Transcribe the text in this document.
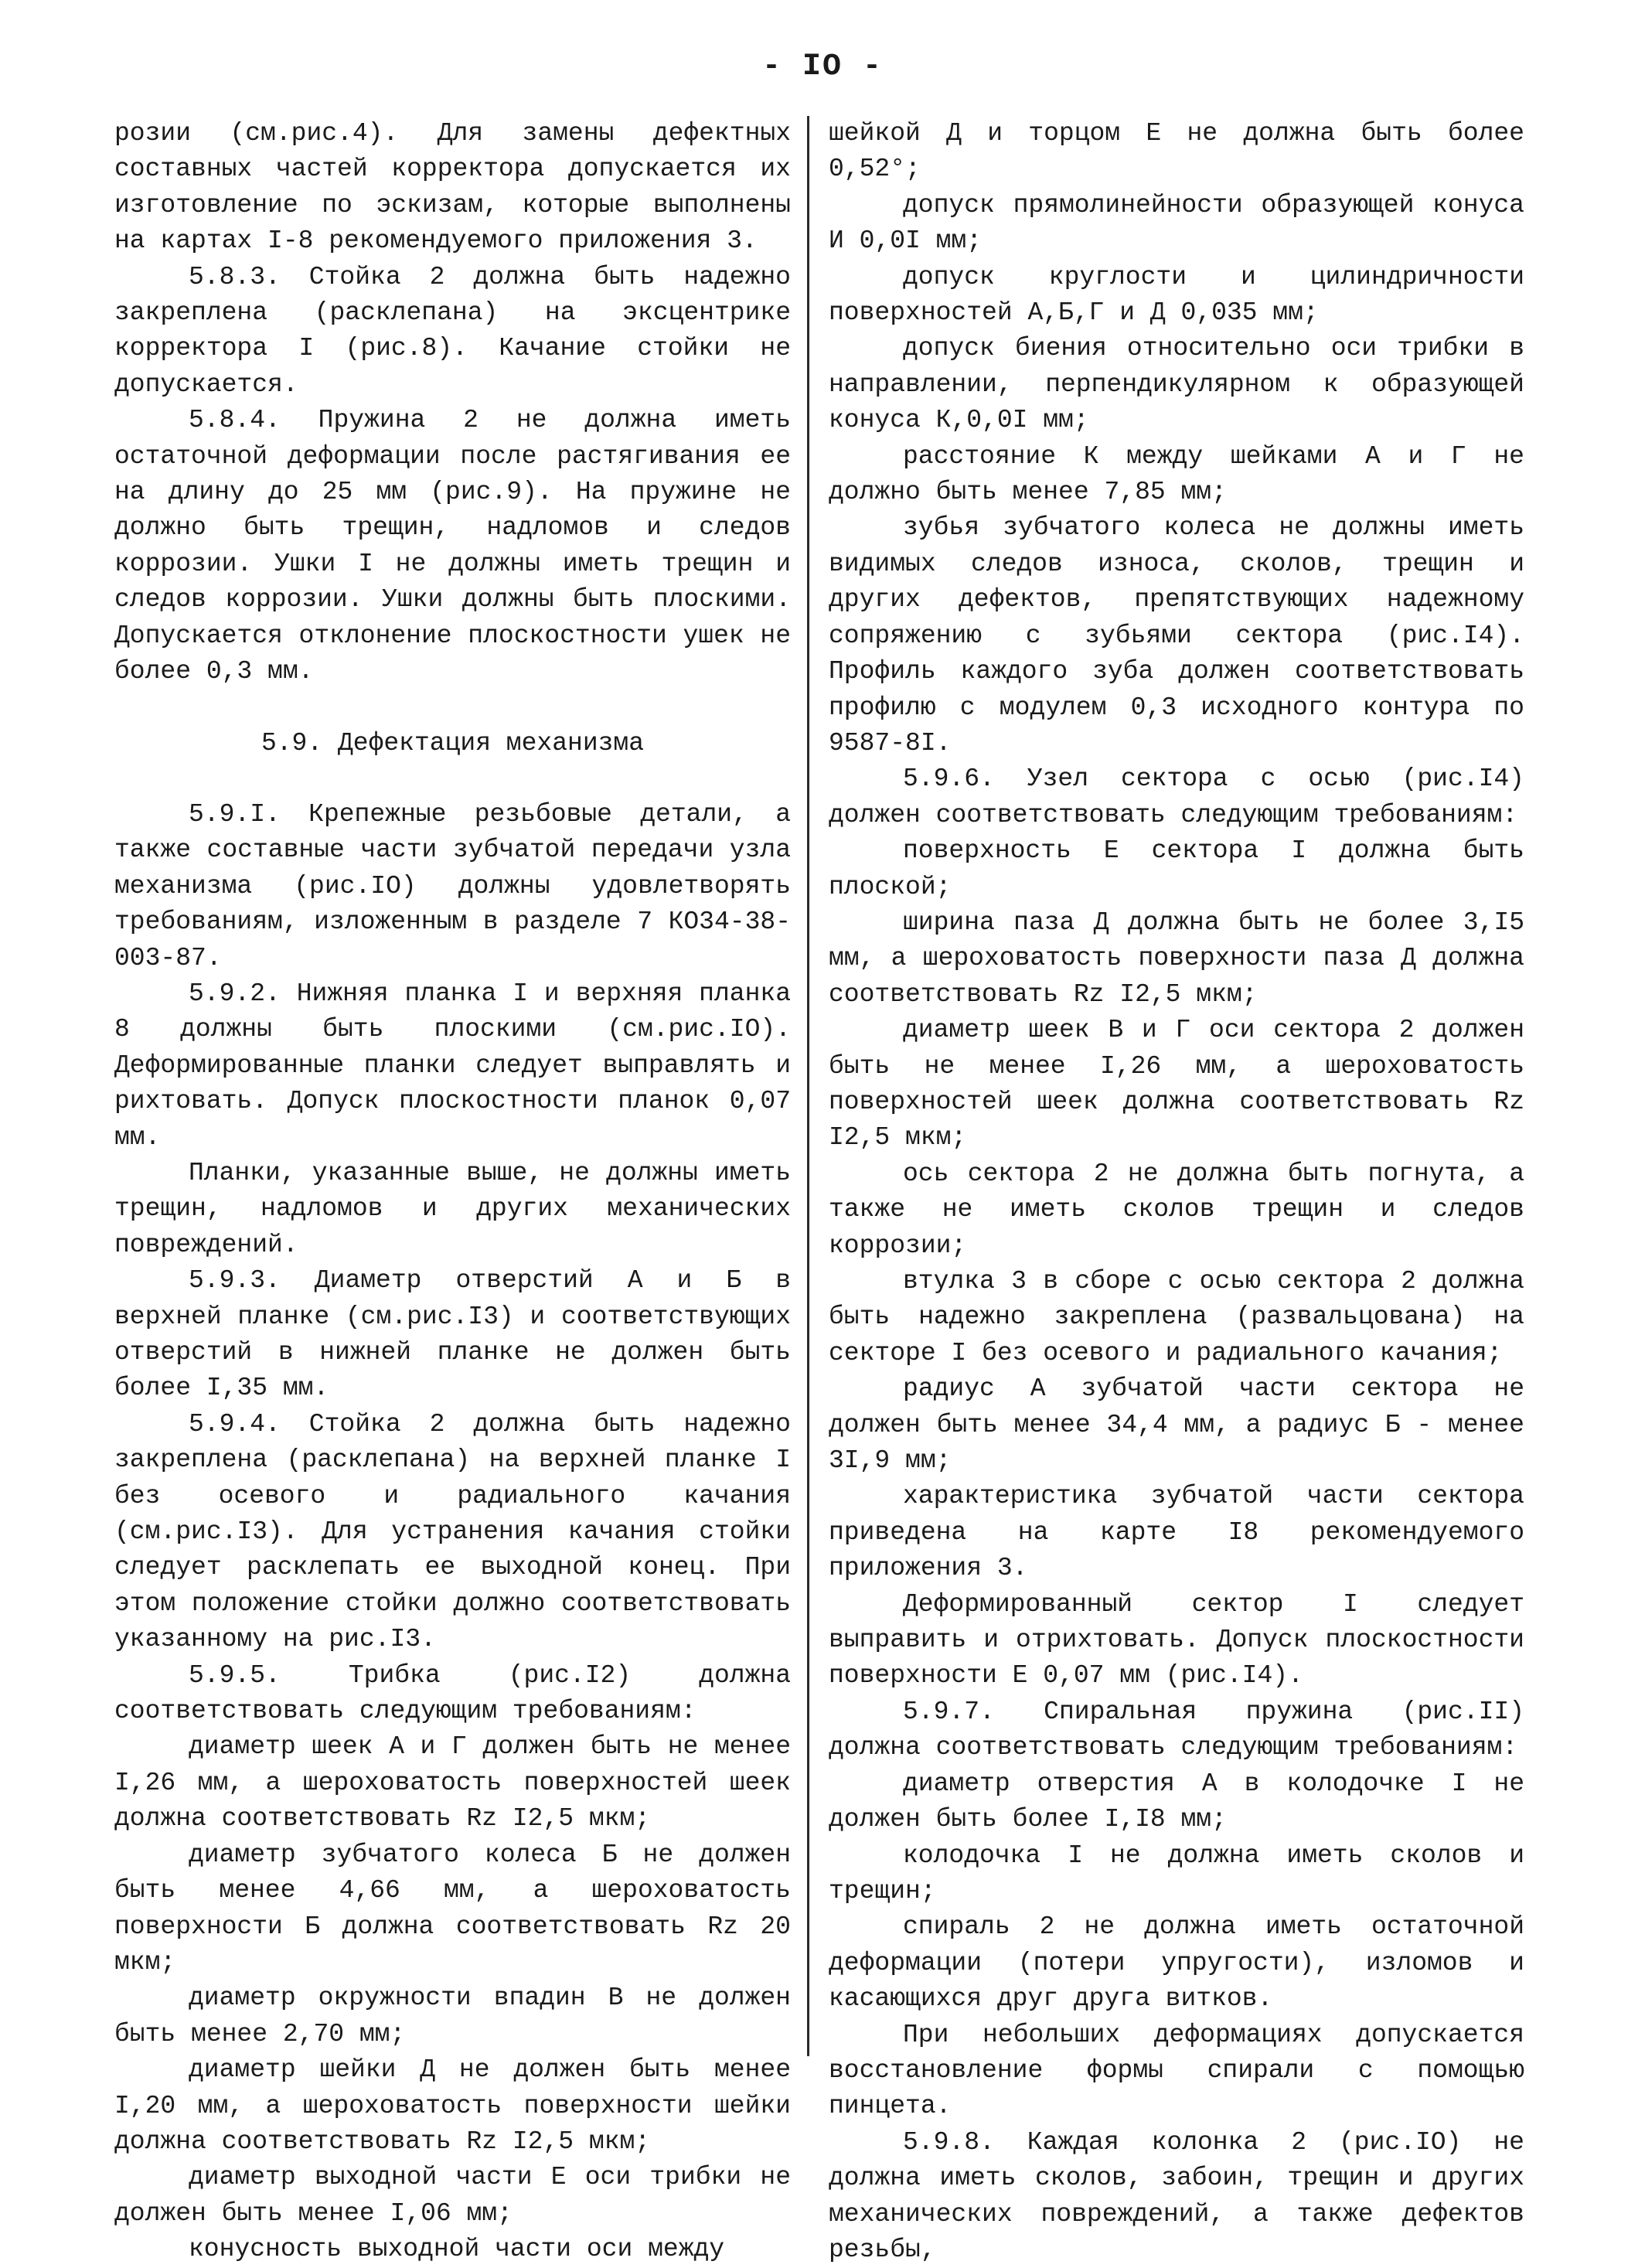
- IO -

розии (см.рис.4). Для замены дефектных составных частей корректора допускается их изготовление по эскизам, которые выполнены на картах I-8 рекомендуемого приложения 3.

5.8.3. Стойка 2 должна быть надежно закреплена (расклепана) на эксцентрике корректора I (рис.8). Качание стойки не допускается.

5.8.4. Пружина 2 не должна иметь остаточной деформации после растягивания ее на длину до 25 мм (рис.9). На пружине не должно быть трещин, надломов и следов коррозии. Ушки I не должны иметь трещин и следов коррозии. Ушки должны быть плоскими. Допускается отклонение плоскостности ушек не более 0,3 мм.

5.9. Дефектация механизма

5.9.I. Крепежные резьбовые детали, а также составные части зубчатой передачи узла механизма (рис.IO) должны удовлетворять требованиям, изложенным в разделе 7 КО34-38-003-87.

5.9.2. Нижняя планка I и верхняя планка 8 должны быть плоскими (см.рис.IO). Деформированные планки следует выправлять и рихтовать. Допуск плоскостности планок 0,07 мм.

Планки, указанные выше, не должны иметь трещин, надломов и других механических повреждений.

5.9.3. Диаметр отверстий А и Б в верхней планке (см.рис.I3) и соответствующих отверстий в нижней планке не должен быть более I,35 мм.

5.9.4. Стойка 2 должна быть надежно закреплена (расклепана) на верхней планке I без осевого и радиального качания (см.рис.I3). Для устранения качания стойки следует расклепать ее выходной конец. При этом положение стойки должно соответствовать указанному на рис.I3.

5.9.5. Трибка (рис.I2) должна соответствовать следующим требованиям:

диаметр шеек А и Г должен быть не менее I,26 мм, а шероховатость поверхностей шеек должна соответствовать Rz I2,5 мкм;

диаметр зубчатого колеса Б не должен быть менее 4,66 мм, а шероховатость поверхности Б должна соответствовать Rz 20 мкм;

диаметр окружности впадин В не должен быть менее 2,70 мм;

диаметр шейки Д не должен быть менее I,20 мм, а шероховатость поверхности шейки должна соответствовать Rz I2,5 мкм;

диаметр выходной части Е оси трибки не должен быть менее I,06 мм;

конусность выходной части оси между

шейкой Д и торцом Е не должна быть более 0,52°;

допуск прямолинейности образующей конуса И 0,0I мм;

допуск круглости и цилиндричности поверхностей А,Б,Г и Д 0,035 мм;

допуск биения относительно оси трибки в направлении, перпендикулярном к образующей конуса К,0,0I мм;

расстояние К между шейками А и Г не должно быть менее 7,85 мм;

зубья зубчатого колеса не должны иметь видимых следов износа, сколов, трещин и других дефектов, препятствующих надежному сопряжению с зубьями сектора (рис.I4). Профиль каждого зуба должен соответствовать профилю с модулем 0,3 исходного контура по 9587-8I.

5.9.6. Узел сектора с осью (рис.I4) должен соответствовать следующим требованиям:

поверхность Е сектора I должна быть плоской;

ширина паза Д должна быть не более 3,I5 мм, а шероховатость поверхности паза Д должна соответствовать Rz I2,5 мкм;

диаметр шеек В и Г оси сектора 2 должен быть не менее I,26 мм, а шероховатость поверхностей шеек должна соответствовать Rz I2,5 мкм;

ось сектора 2 не должна быть погнута, а также не иметь сколов трещин и следов коррозии;

втулка 3 в сборе с осью сектора 2 должна быть надежно закреплена (развальцована) на секторе I без осевого и радиального качания;

радиус А зубчатой части сектора не должен быть менее 34,4 мм, а радиус Б - менее 3I,9 мм;

характеристика зубчатой части сектора приведена на карте I8 рекомендуемого приложения 3.

Деформированный сектор I следует выправить и отрихтовать. Допуск плоскостности поверхности Е 0,07 мм (рис.I4).

5.9.7. Спиральная пружина (рис.II) должна соответствовать следующим требованиям:

диаметр отверстия А в колодочке I не должен быть более I,I8 мм;

колодочка I не должна иметь сколов и трещин;

спираль 2 не должна иметь остаточной деформации (потери упругости), изломов и касающихся друг друга витков.

При небольших деформациях допускается восстановление формы спирали с помощью пинцета.

5.9.8. Каждая колонка 2 (рис.IO) не должна иметь сколов, забоин, трещин и других механических повреждений, а также дефектов резьбы,
